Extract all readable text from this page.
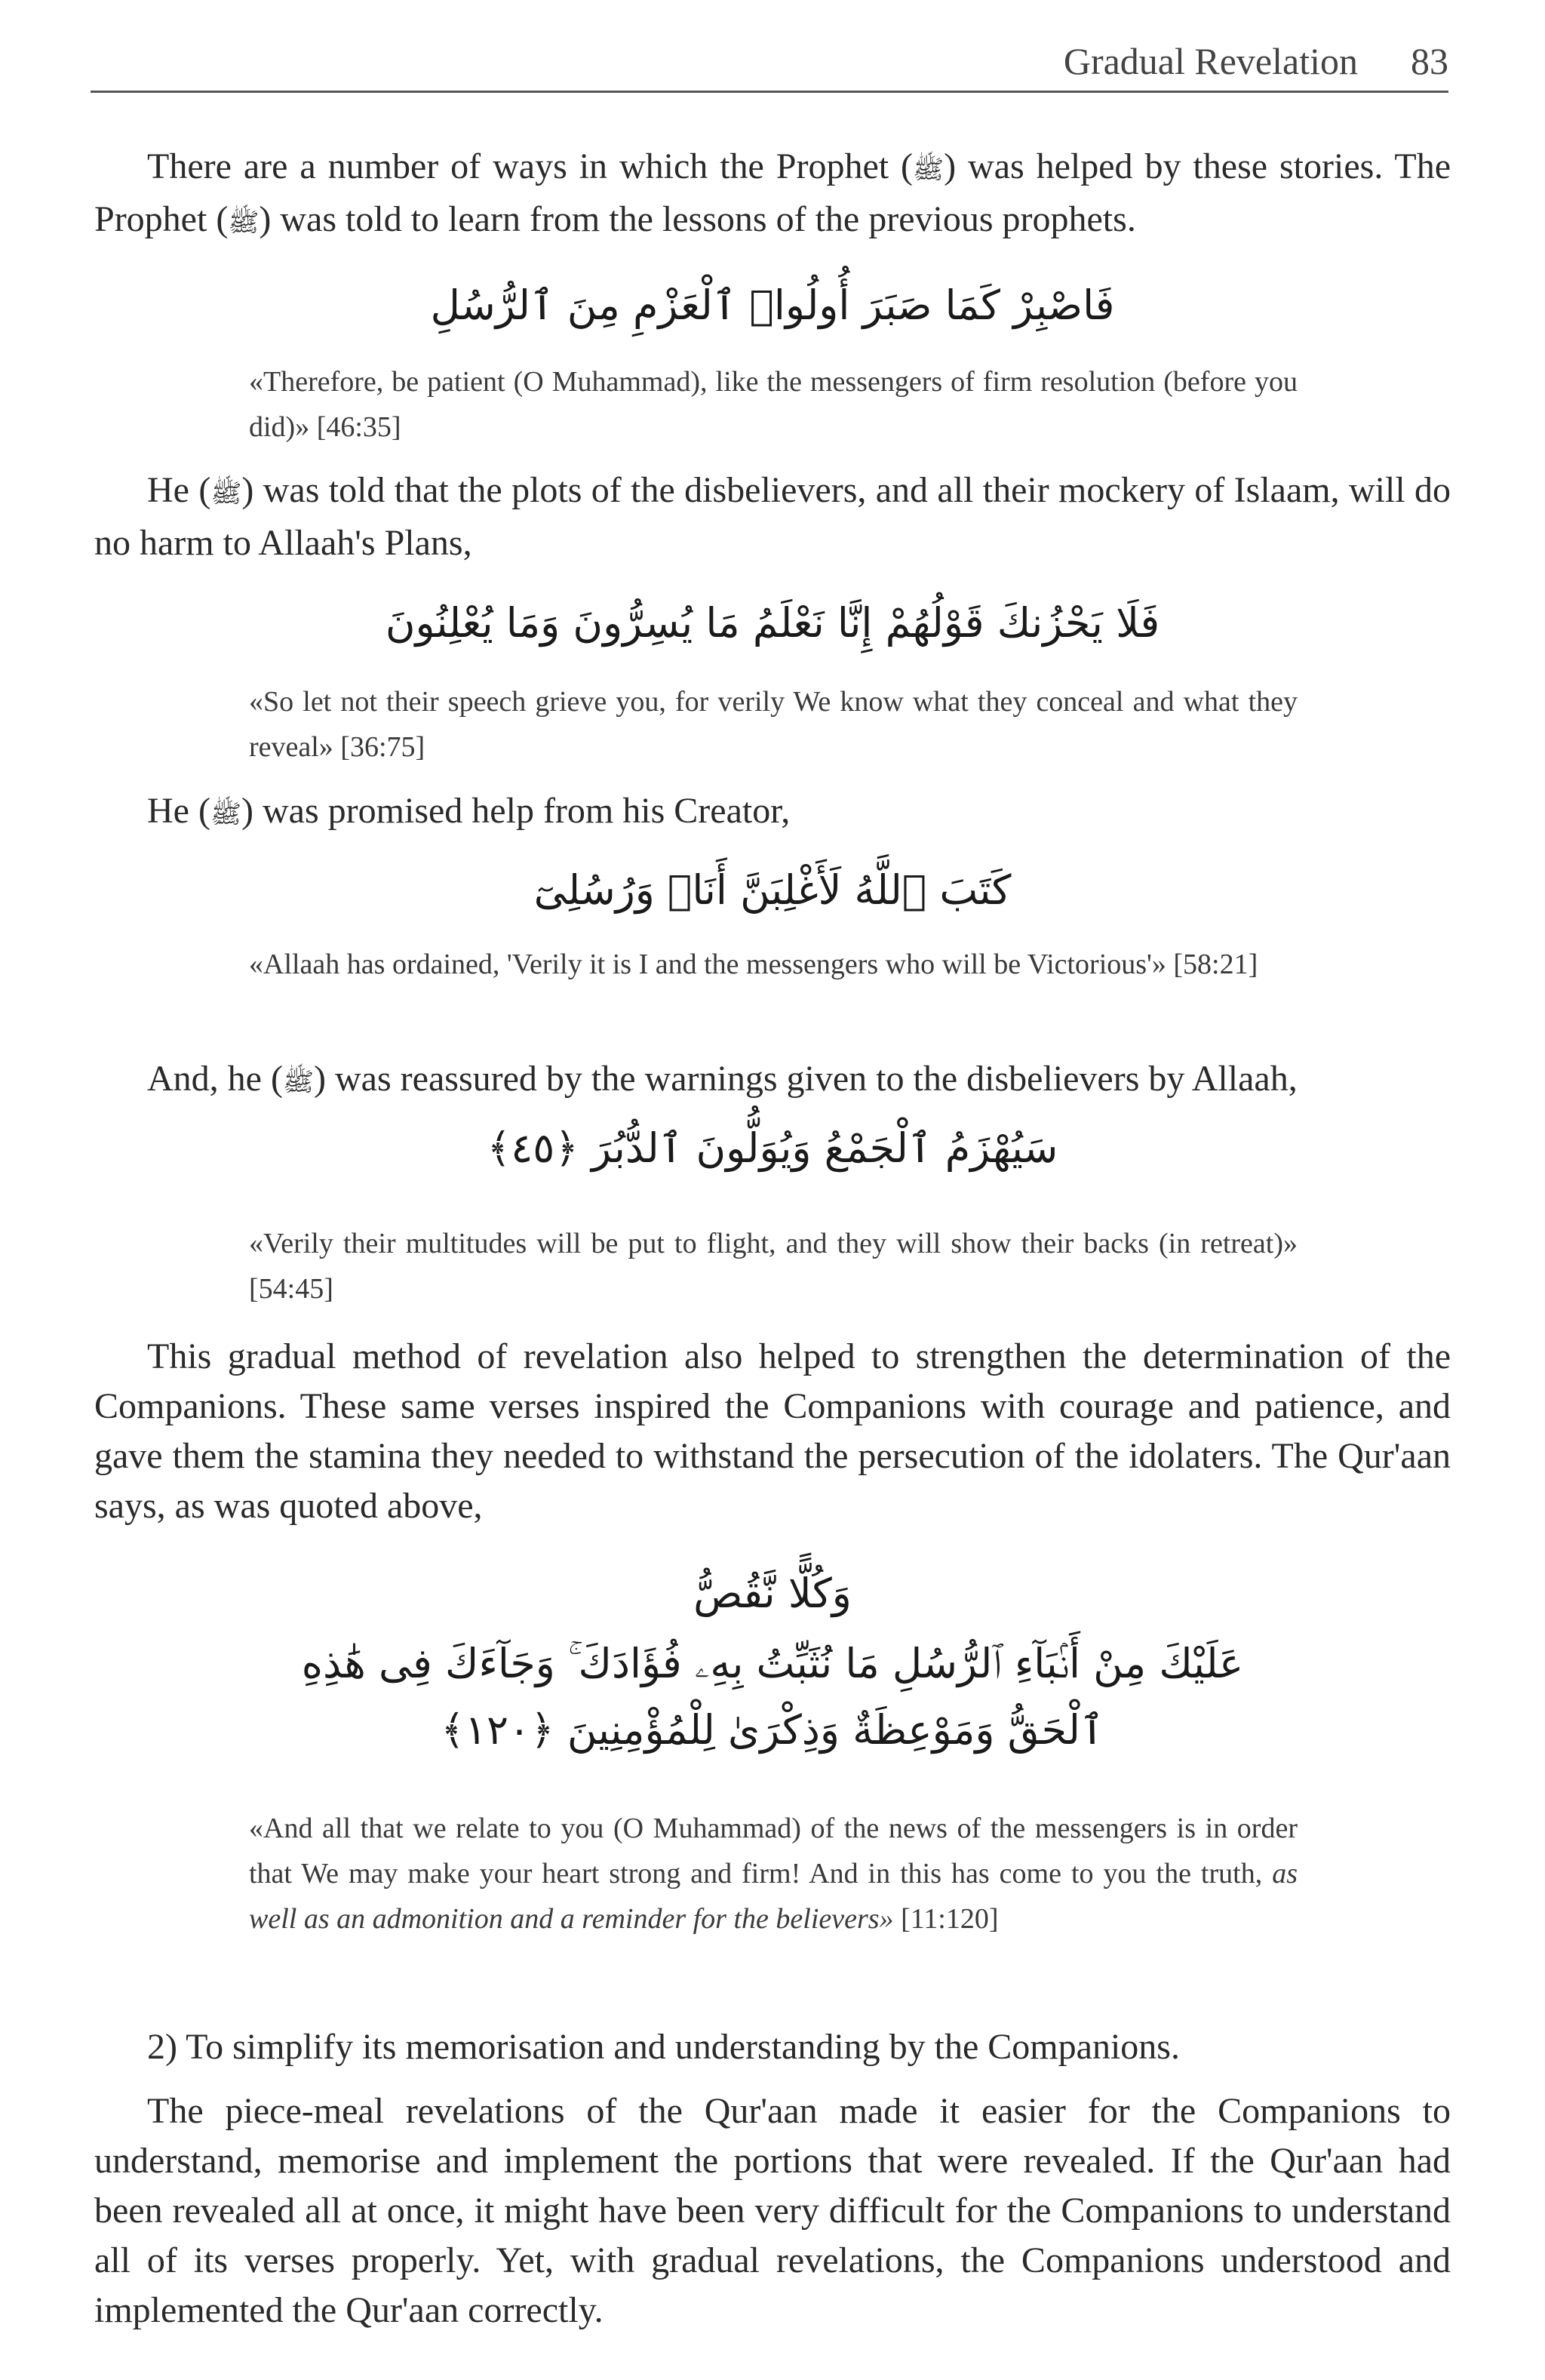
Gradual Revelation 83

There are a number of ways in which the Prophet (ﷺ) was helped by these stories. The Prophet (ﷺ) was told to learn from the lessons of the previous prophets.

فَاصْبِرْ كَمَا صَبَرَ أُولُوا۟ ٱلْعَزْمِ مِنَ ٱلرُّسُلِ

«Therefore, be patient (O Muhammad), like the messengers of firm resolution (before you did)» [46:35]

He (ﷺ) was told that the plots of the disbelievers, and all their mockery of Islaam, will do no harm to Allaah's Plans,

فَلَا يَحْزُنكَ قَوْلُهُمْ إِنَّا نَعْلَمُ مَا يُسِرُّونَ وَمَا يُعْلِنُونَ

«So let not their speech grieve you, for verily We know what they conceal and what they reveal» [36:75]

He (ﷺ) was promised help from his Creator,

كَتَبَ ٱللَّهُ لَأَغْلِبَنَّ أَنَا۠ وَرُسُلِىٓ

«Allaah has ordained, 'Verily it is I and the messengers who will be Victorious'» [58:21]

And, he (ﷺ) was reassured by the warnings given to the disbelievers by Allaah,

سَيُهْزَمُ ٱلْجَمْعُ وَيُوَلُّونَ ٱلدُّبُرَ ﴿٤٥﴾

«Verily their multitudes will be put to flight, and they will show their backs (in retreat)» [54:45]

This gradual method of revelation also helped to strengthen the determination of the Companions. These same verses inspired the Companions with courage and patience, and gave them the stamina they needed to withstand the persecution of the idolaters. The Qur'aan says, as was quoted above,

وَكُلًّا نَّقُصُّ

عَلَيْكَ مِنْ أَنۢبَآءِ ٱلرُّسُلِ مَا نُثَبِّتُ بِهِۦ فُؤَادَكَ ۚ وَجَآءَكَ فِى هَٰذِهِ

ٱلْحَقُّ وَمَوْعِظَةٌ وَذِكْرَىٰ لِلْمُؤْمِنِينَ ﴿١٢٠﴾

«And all that we relate to you (O Muhammad) of the news of the messengers is in order that We may make your heart strong and firm! And in this has come to you the truth, as well as an admonition and a reminder for the believers» [11:120]

2) To simplify its memorisation and understanding by the Companions.

The piece-meal revelations of the Qur'aan made it easier for the Companions to understand, memorise and implement the portions that were revealed. If the Qur'aan had been revealed all at once, it might have been very difficult for the Companions to understand all of its verses properly. Yet, with gradual revelations, the Companions understood and implemented the Qur'aan correctly.
